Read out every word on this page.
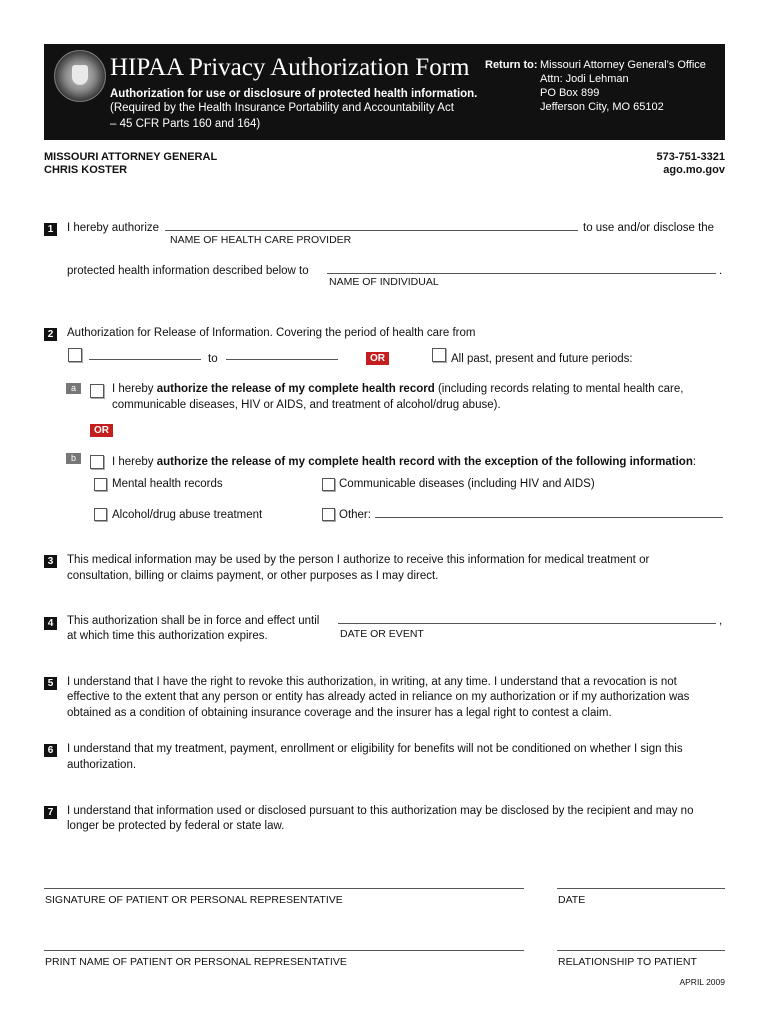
HIPAA Privacy Authorization Form
Authorization for use or disclosure of protected health information.
(Required by the Health Insurance Portability and Accountability Act
– 45 CFR Parts 160 and 164)
Return to: Missouri Attorney General’s Office
Attn: Jodi Lehman
PO Box 899
Jefferson City, MO 65102
MISSOURI ATTORNEY GENERAL
CHRIS KOSTER
573-751-3321
ago.mo.gov
1	I hereby authorize	to use and/or disclose the
NAME OF HEALTH CARE PROVIDER
protected health information described below to	.
NAME OF INDIVIDUAL
2	Authorization for Release of Information. Covering the period of health care from
to	OR	All past, present and future periods:
a	I hereby authorize the release of my complete health record (including records relating to mental health care,
communicable diseases, HIV or AIDS, and treatment of alcohol/drug abuse).
OR
b	I hereby authorize the release of my complete health record with the exception of the following information:
Mental health records	Communicable diseases (including HIV and AIDS)
Alcohol/drug abuse treatment	Other:
3	This medical information may be used by the person I authorize to receive this information for medical treatment or
consultation, billing or claims payment, or other purposes as I may direct.
4	This authorization shall be in force and effect until
at which time this authorization expires.
,
DATE OR EVENT
5	I understand that I have the right to revoke this authorization, in writing, at any time. I understand that a revocation is not
effective to the extent that any person or entity has already acted in reliance on my authorization or if my authorization was
obtained as a condition of obtaining insurance coverage and the insurer has a legal right to contest a claim.
6	I understand that my treatment, payment, enrollment or eligibility for benefits will not be conditioned on whether I sign this
authorization.
7	I understand that information used or disclosed pursuant to this authorization may be disclosed by the recipient and may no
longer be protected by federal or state law.
SIGNATURE OF PATIENT OR PERSONAL REPRESENTATIVE	DATE
PRINT NAME OF PATIENT OR PERSONAL REPRESENTATIVE	RELATIONSHIP TO PATIENT
APRIL 2009
